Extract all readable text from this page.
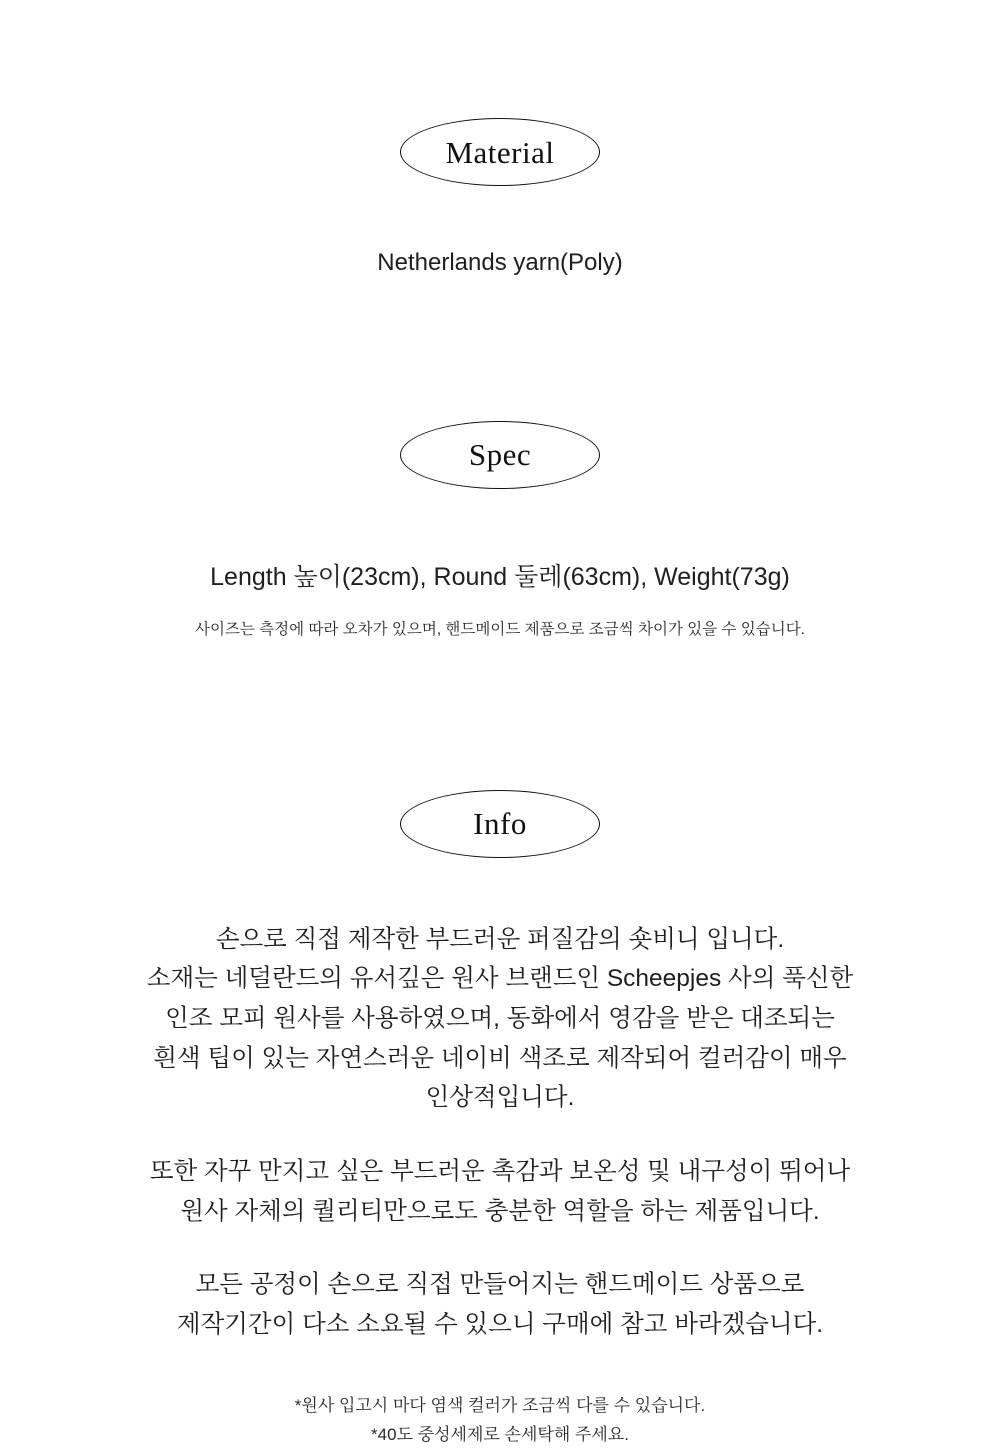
Material
Netherlands yarn(Poly)
Spec
Length 높이(23cm), Round 둘레(63cm), Weight(73g)
사이즈는 측정에 따라 오차가 있으며, 핸드메이드 제품으로 조금씩 차이가 있을 수 있습니다.
Info

손으로 직접 제작한 부드러운 퍼질감의 숏비니 입니다.

소재는 네덜란드의 유서깊은 원사 브랜드인 Scheepjes 사의 푹신한

인조 모피 원사를 사용하였으며, 동화에서 영감을 받은 대조되는

흰색 팁이 있는 자연스러운 네이비 색조로 제작되어 컬러감이 매우

인상적입니다.

또한 자꾸 만지고 싶은 부드러운 촉감과 보온성 및 내구성이 뛰어나

원사 자체의 퀄리티만으로도 충분한 역할을 하는 제품입니다.

모든 공정이 손으로 직접 만들어지는 핸드메이드 상품으로

제작기간이 다소 소요될 수 있으니 구매에 참고 바라겠습니다.

*원사 입고시 마다 염색 컬러가 조금씩 다를 수 있습니다.
*40도 중성세제로 손세탁해 주세요.
